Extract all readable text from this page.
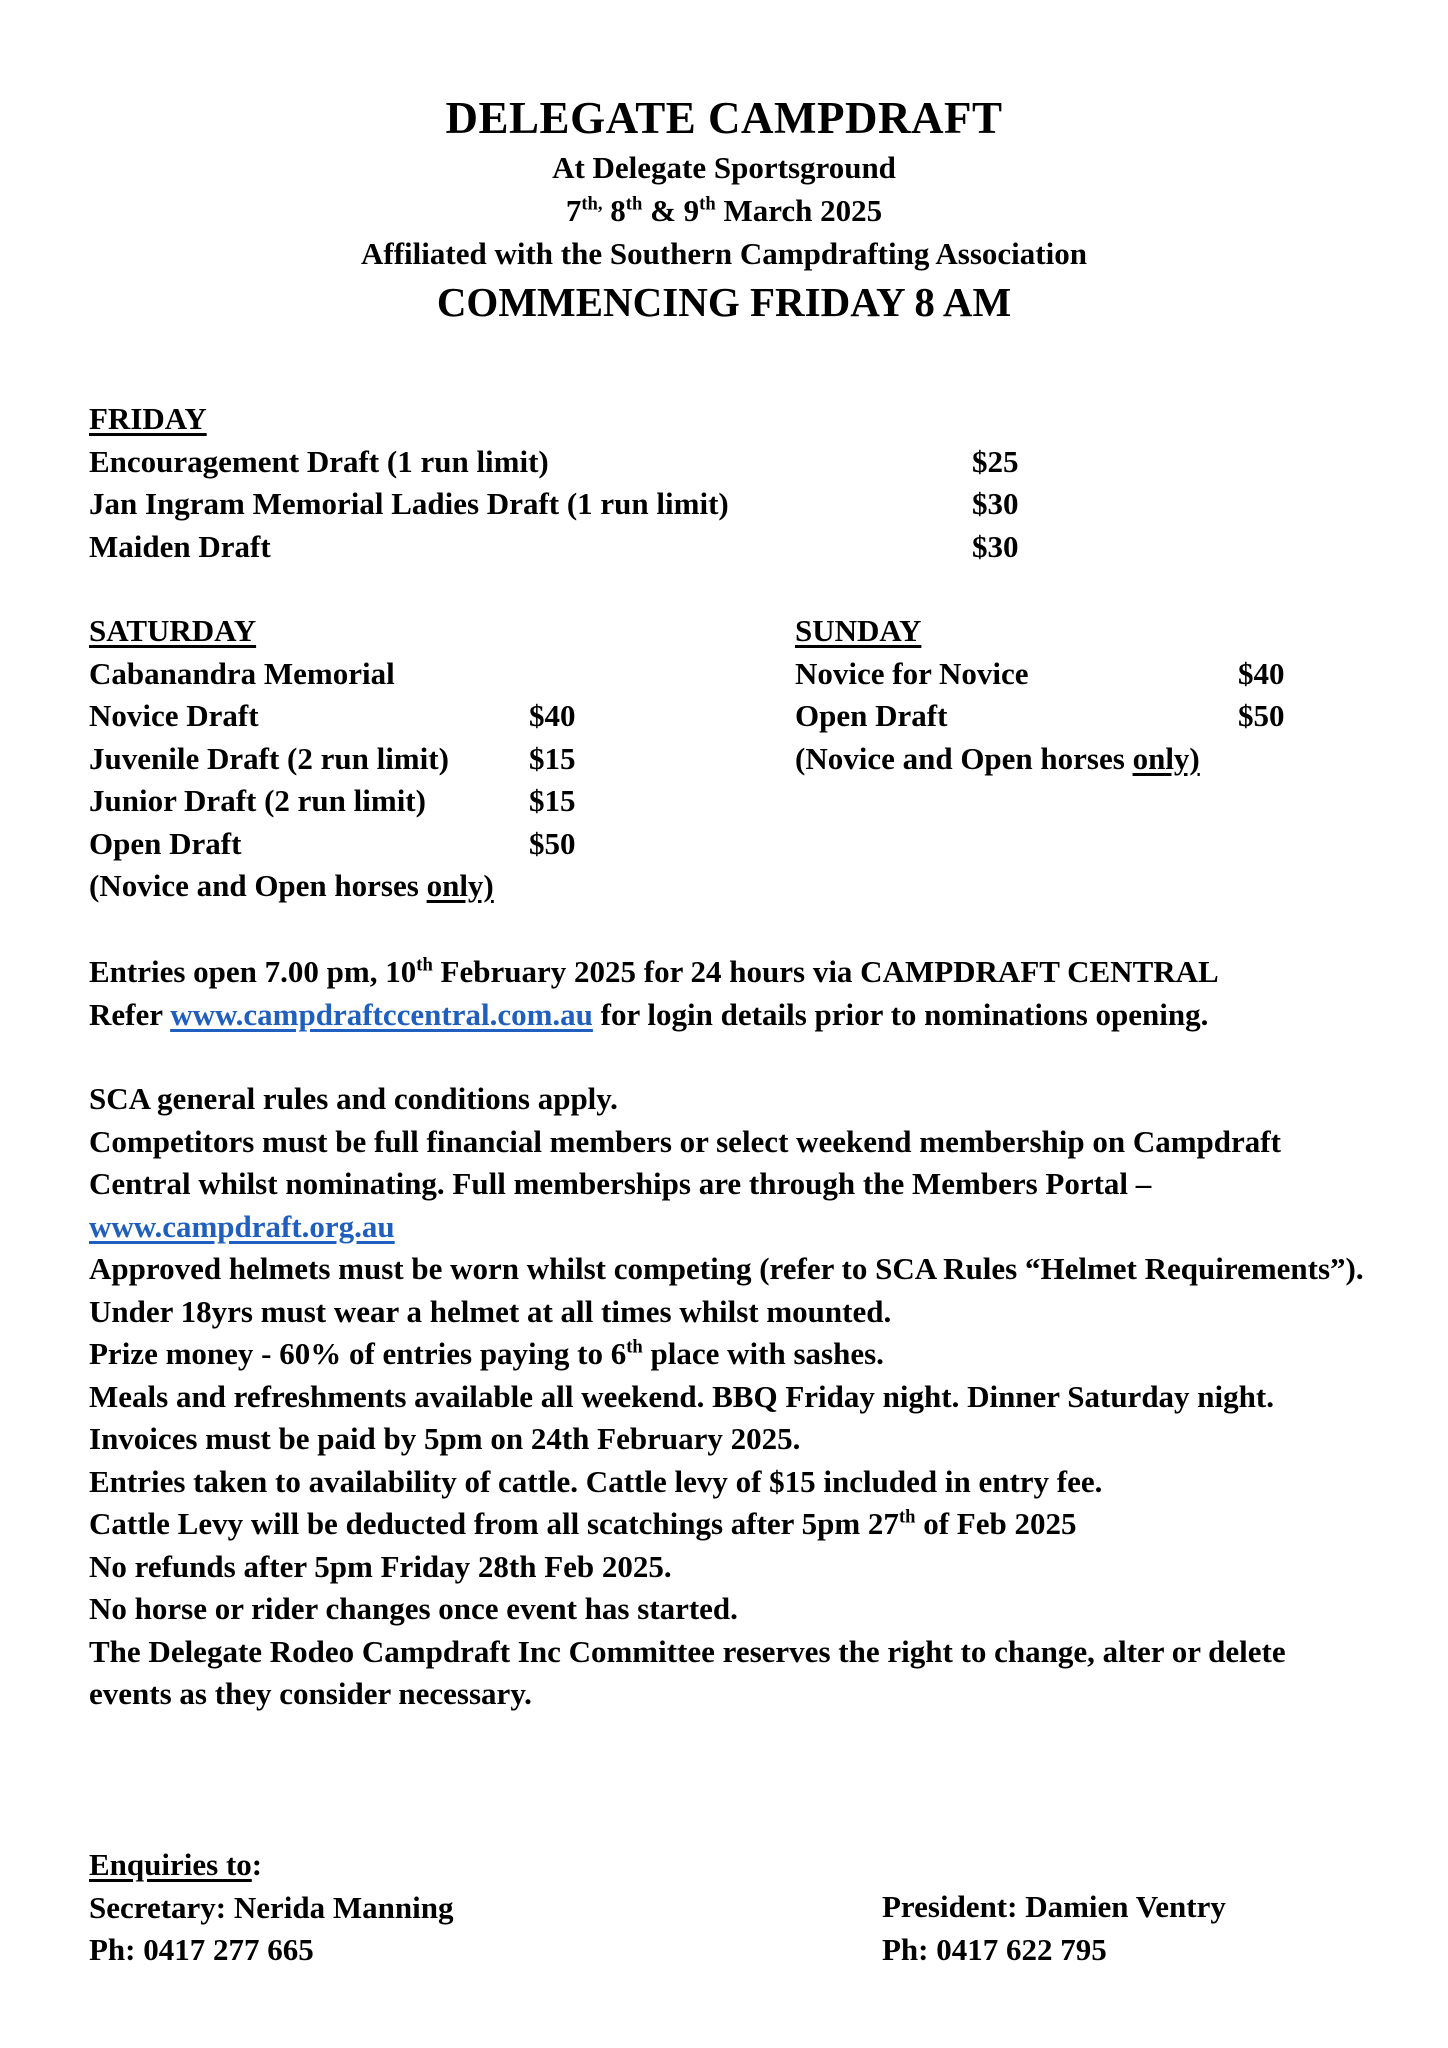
DELEGATE CAMPDRAFT
At Delegate Sportsground
$7^{th,}$ 8th & 9th March 2025
Affiliated with the Southern Campdrafting Association
COMMENCING FRIDAY 8 AM
FRIDAY
Encouragement Draft (1 run limit)	$25
Jan Ingram Memorial Ladies Draft (1 run limit)	$30
Maiden Draft	$30
SATURDAY
Cabanandra Memorial
Novice Draft	$40
Juvenile Draft (2 run limit)	$15
Junior Draft (2 run limit)	$15
Open Draft	$50
(Novice and Open horses only)
SUNDAY
Novice for Novice	$40
Open Draft	$50
(Novice and Open horses only)
Entries open 7.00 pm, 10th February 2025 for 24 hours via CAMPDRAFT CENTRAL
Refer www.campdraftccentral.com.au for login details prior to nominations opening.
SCA general rules and conditions apply.
Competitors must be full financial members or select weekend membership on Campdraft Central whilst nominating. Full memberships are through the Members Portal – www.campdraft.org.au
Approved helmets must be worn whilst competing (refer to SCA Rules “Helmet Requirements”).
Under 18yrs must wear a helmet at all times whilst mounted.
Prize money - 60% of entries paying to 6th place with sashes.
Meals and refreshments available all weekend. BBQ Friday night. Dinner Saturday night.
Invoices must be paid by 5pm on 24th February 2025.
Entries taken to availability of cattle. Cattle levy of $15 included in entry fee.
Cattle Levy will be deducted from all scatchings after 5pm 27th of Feb 2025
No refunds after 5pm Friday 28th Feb 2025.
No horse or rider changes once event has started.
The Delegate Rodeo Campdraft Inc Committee reserves the right to change, alter or delete events as they consider necessary.
Enquiries to:
Secretary: Nerida Manning
Ph: 0417 277 665
President: Damien Ventry
Ph: 0417 622 795
